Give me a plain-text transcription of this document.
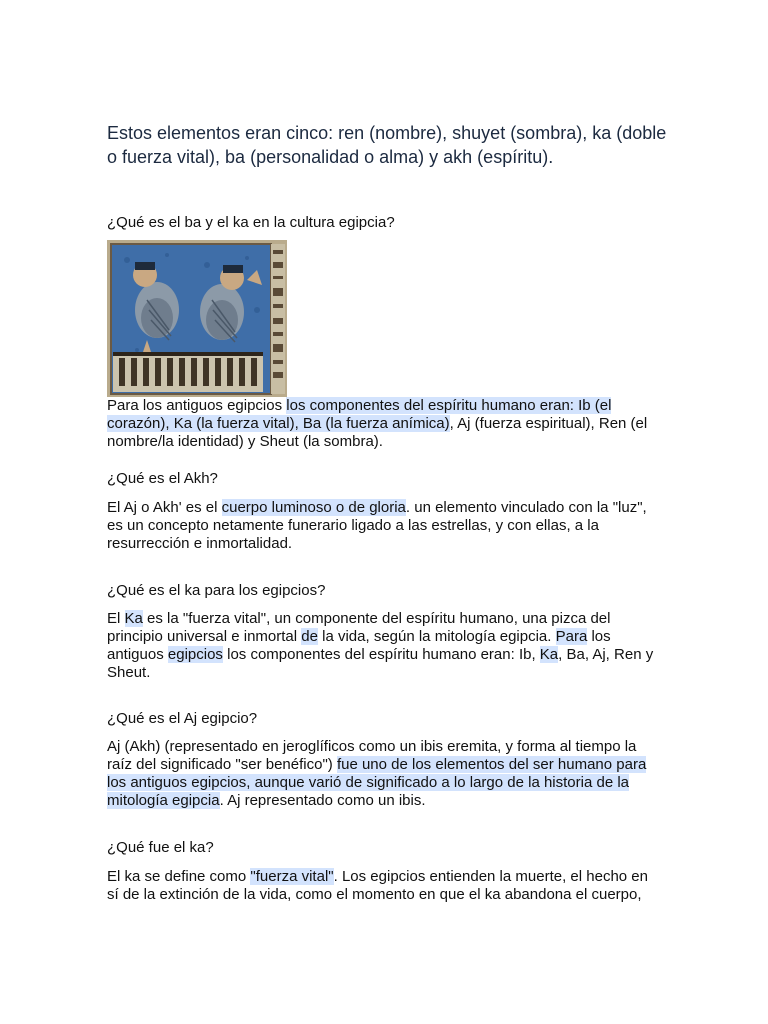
Estos elementos eran cinco: ren (nombre), shuyet (sombra), ka (doble o fuerza vital), ba (personalidad o alma) y akh (espíritu).
¿Qué es el ba y el ka en la cultura egipcia?
Para los antiguos egipcios los componentes del espíritu humano eran: Ib (el corazón), Ka (la fuerza vital), Ba (la fuerza anímica), Aj (fuerza espiritual), Ren (el nombre/la identidad) y Sheut (la sombra).
¿Qué es el Akh?
El Aj o Akh' es el cuerpo luminoso o de gloria. un elemento vinculado con la "luz", es un concepto netamente funerario ligado a las estrellas, y con ellas, a la resurrección e inmortalidad.
¿Qué es el ka para los egipcios?
El Ka es la "fuerza vital", un componente del espíritu humano, una pizca del principio universal e inmortal de la vida, según la mitología egipcia. Para los antiguos egipcios los componentes del espíritu humano eran: Ib, Ka, Ba, Aj, Ren y Sheut.
¿Qué es el Aj egipcio?
Aj (Akh) (representado en jeroglíficos como un ibis eremita, y forma al tiempo la raíz del significado "ser benéfico") fue uno de los elementos del ser humano para los antiguos egipcios, aunque varió de significado a lo largo de la historia de la mitología egipcia. Aj representado como un ibis.
¿Qué fue el ka?
El ka se define como "fuerza vital". Los egipcios entienden la muerte, el hecho en sí de la extinción de la vida, como el momento en que el ka abandona el cuerpo,
